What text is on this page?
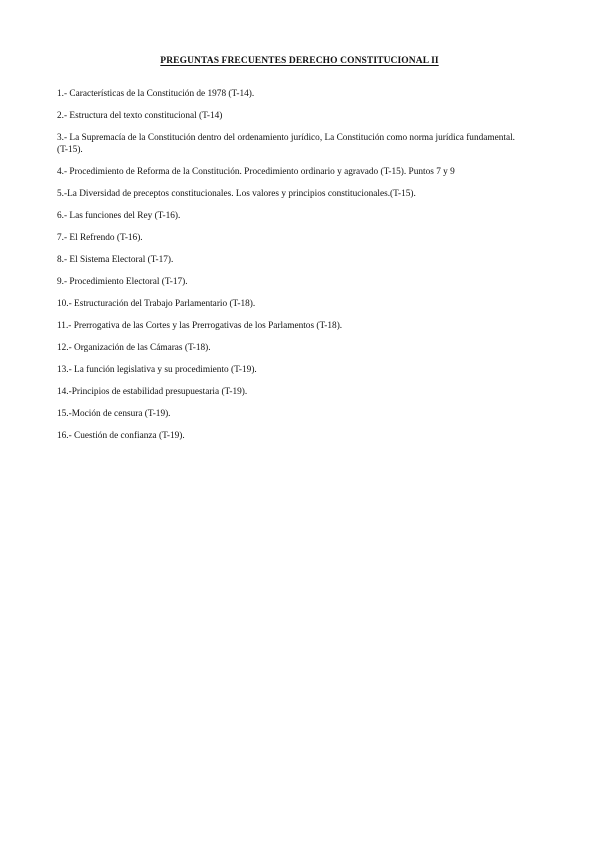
PREGUNTAS FRECUENTES DERECHO CONSTITUCIONAL II
1.- Características de la Constitución de 1978 (T-14).
2.- Estructura del texto constitucional (T-14)
3.- La Supremacía de la Constitución dentro del ordenamiento jurídico, La Constitución como norma jurídica fundamental. (T-15).
4.- Procedimiento de Reforma de la Constitución. Procedimiento ordinario y agravado (T-15). Puntos 7 y 9
5.-La Diversidad de preceptos constitucionales. Los valores y principios constitucionales.(T-15).
6.- Las funciones del Rey (T-16).
7.- El Refrendo (T-16).
8.- El Sistema Electoral (T-17).
9.- Procedimiento Electoral (T-17).
10.- Estructuración del Trabajo Parlamentario (T-18).
11.- Prerrogativa de las Cortes y las Prerrogativas de los Parlamentos (T-18).
12.- Organización de las Cámaras (T-18).
13.- La función legislativa y su procedimiento (T-19).
14.-Principios de estabilidad presupuestaria (T-19).
15.-Moción de censura (T-19).
16.- Cuestión de confianza (T-19).
